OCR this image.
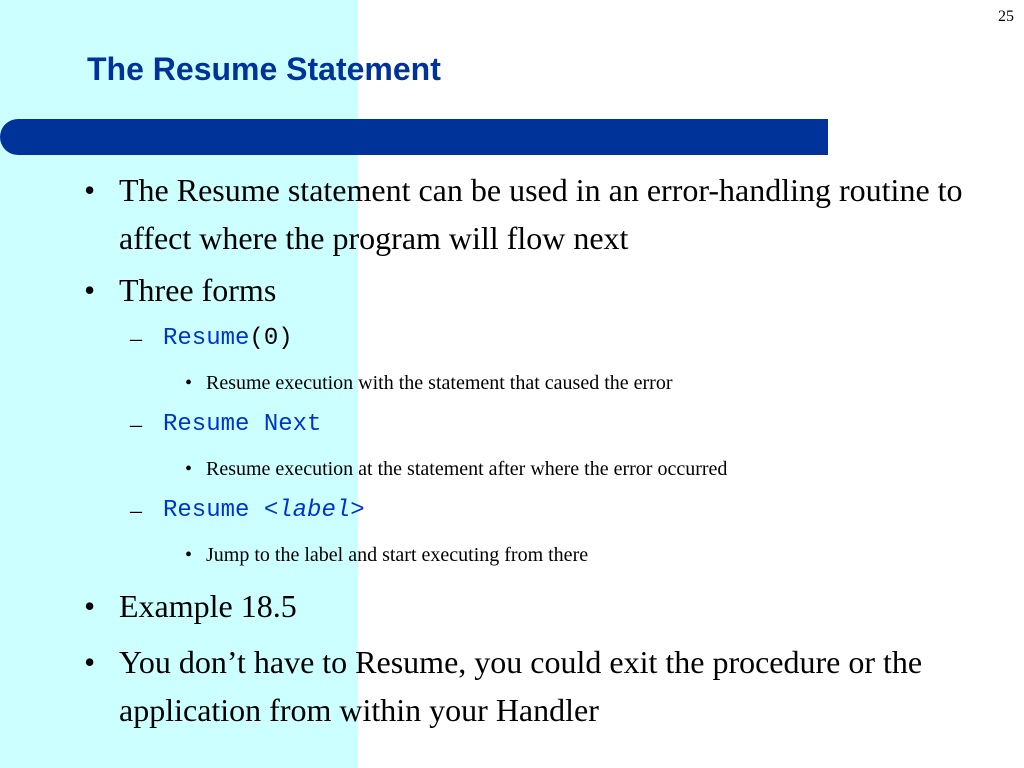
25
The Resume Statement
• The Resume statement can be used in an error-handling routine to affect where the program will flow next
• Three forms
– Resume(0)
• Resume execution with the statement that caused the error
– Resume Next
• Resume execution at the statement after where the error occurred
– Resume <label>
• Jump to the label and start executing from there
• Example 18.5
• You don’t have to Resume, you could exit the procedure or the application from within your Handler
